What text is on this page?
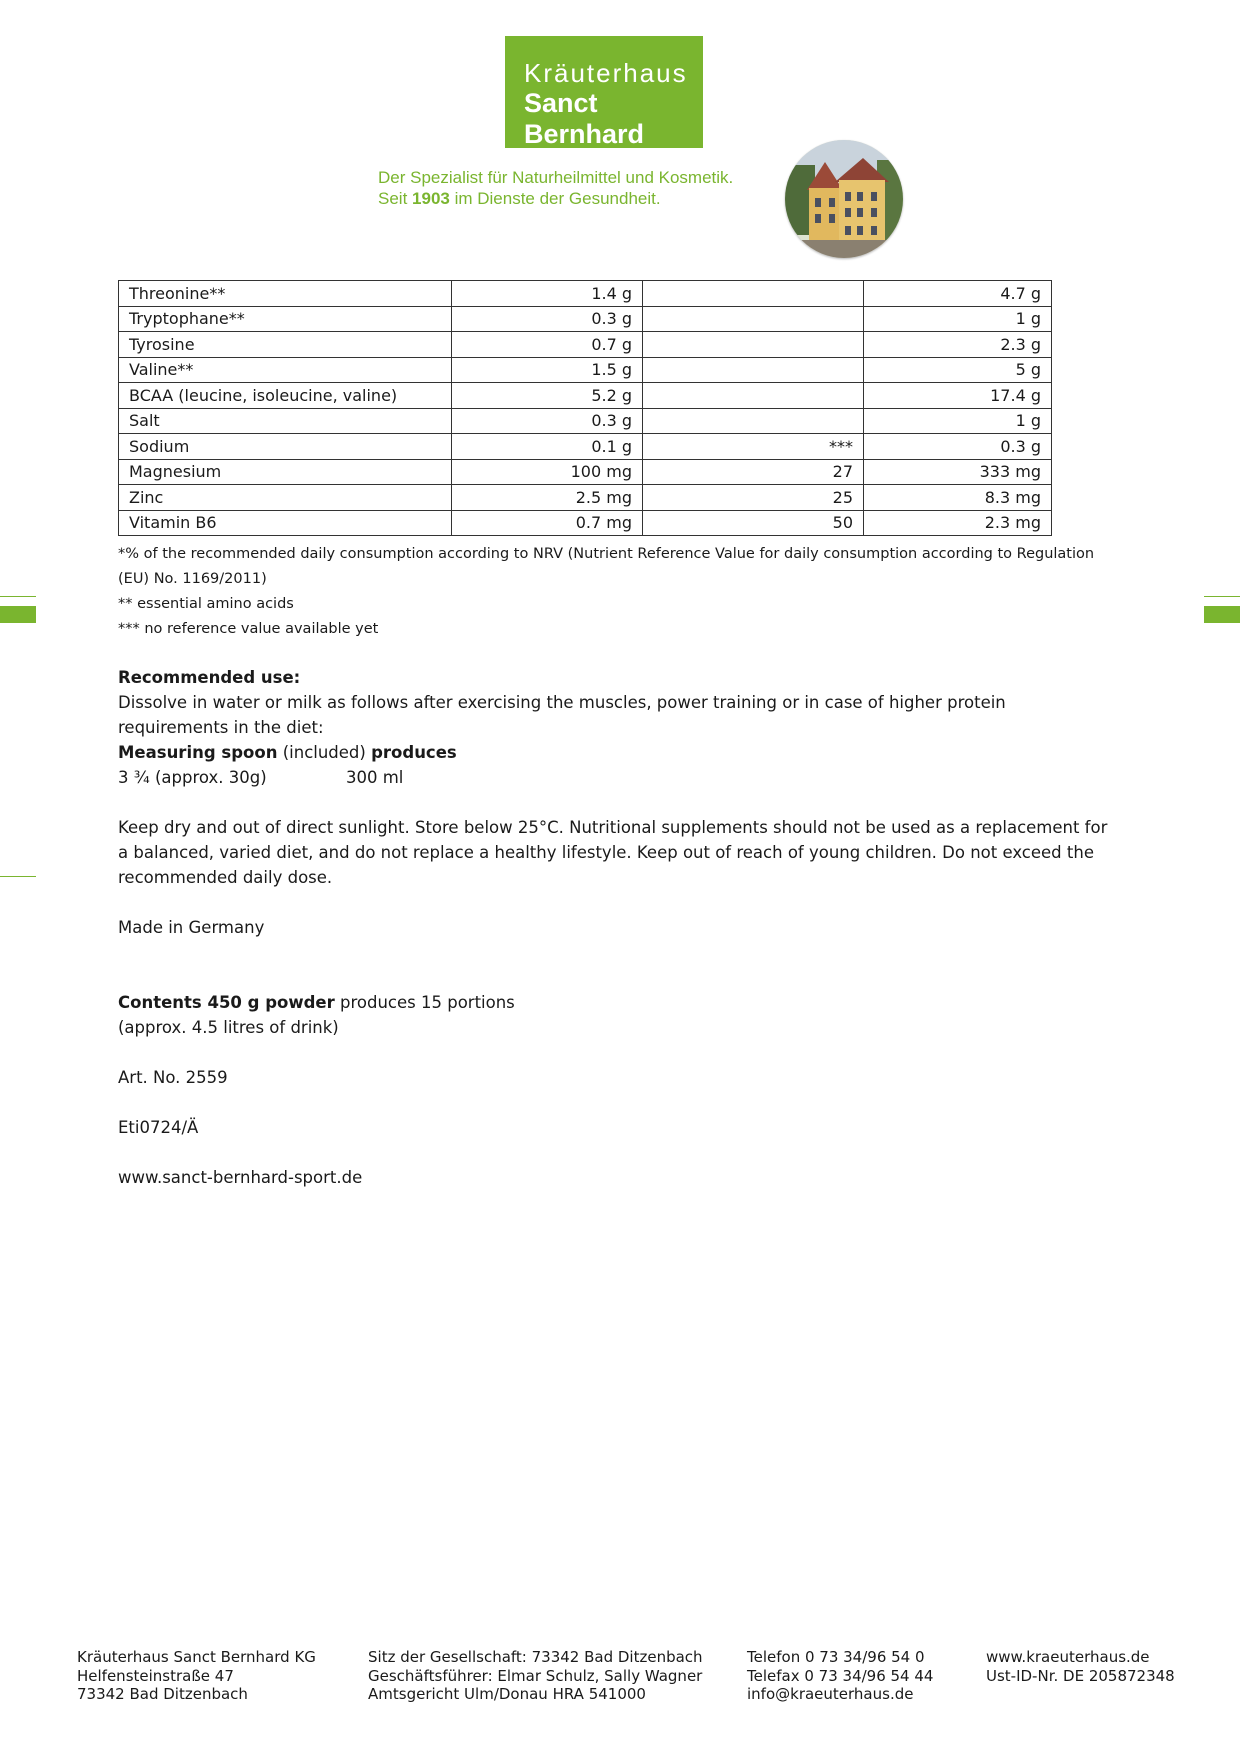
Kräuterhaus
Sanct Bernhard
Der Spezialist für Naturheilmittel und Kosmetik.
Seit 1903 im Dienste der Gesundheit.
Threonine**	1.4 g		4.7 g
Tryptophane**	0.3 g		1 g
Tyrosine	0.7 g		2.3 g
Valine**	1.5 g		5 g
BCAA (leucine, isoleucine, valine)	5.2 g		17.4 g
Salt	0.3 g		1 g
Sodium	0.1 g	***	0.3 g
Magnesium	100 mg	27	333 mg
Zinc	2.5 mg	25	8.3 mg
Vitamin B6	0.7 mg	50	2.3 mg
*% of the recommended daily consumption according to NRV (Nutrient Reference Value for daily consumption according to Regulation
(EU) No. 1169/2011)
** essential amino acids
*** no reference value available yet

Recommended use:

Dissolve in water or milk as follows after exercising the muscles, power training or in case of higher protein requirements in the diet:

Measuring spoon (included) produces

3 ¾ (approx. 30g)	300 ml

Keep dry and out of direct sunlight. Store below 25°C. Nutritional supplements should not be used as a replacement for a balanced, varied diet, and do not replace a healthy lifestyle. Keep out of reach of young children. Do not exceed the recommended daily dose.

Made in Germany

Contents 450 g powder produces 15 portions

(approx. 4.5 litres of drink)

Art. No. 2559

Eti0724/Ä

www.sanct-bernhard-sport.de

Kräuterhaus Sanct Bernhard KG
Helfensteinstraße 47
73342 Bad Ditzenbach
Sitz der Gesellschaft: 73342 Bad Ditzenbach
Geschäftsführer: Elmar Schulz, Sally Wagner
Amtsgericht Ulm/Donau HRA 541000
Telefon 0 73 34/96 54 0
Telefax 0 73 34/96 54 44
info@kraeuterhaus.de
www.kraeuterhaus.de
Ust-ID-Nr. DE 205872348
